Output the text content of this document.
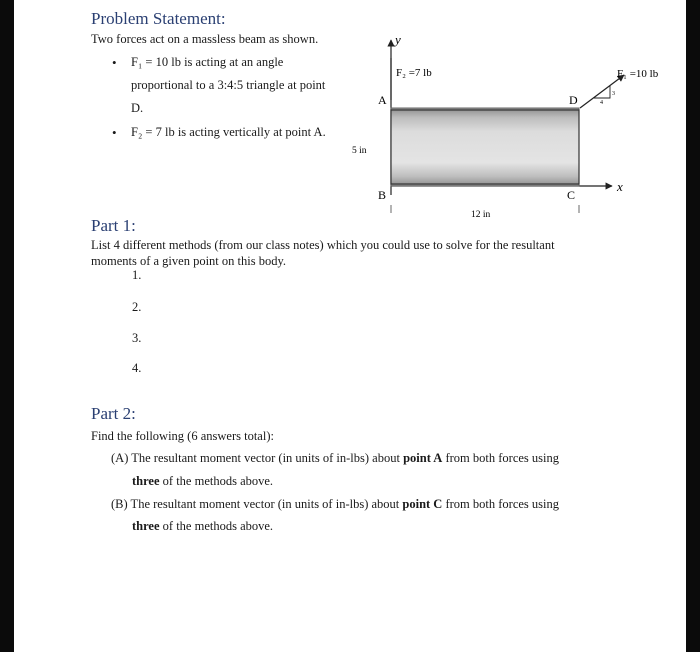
Problem Statement:
Two forces act on a massless beam as shown.
• F₁ = 10 lb is acting at an angle
proportional to a 3:4:5 triangle at point
D.
• F₂ = 7 lb is acting vertically at point A.
y
x
F₂ =7 lb
A
B	C
D	3
4
F₁ =10 lb
5 in
12 in
Part 1:
List 4 different methods (from our class notes) which you could use to solve for the resultant
moments of a given point on this body.
1.
2.
3.
4.
Part 2:
Find the following (6 answers total):
(A) The resultant moment vector (in units of in-lbs) about point A from both forces using
three of the methods above.
(B) The resultant moment vector (in units of in-lbs) about point C from both forces using
three of the methods above.
